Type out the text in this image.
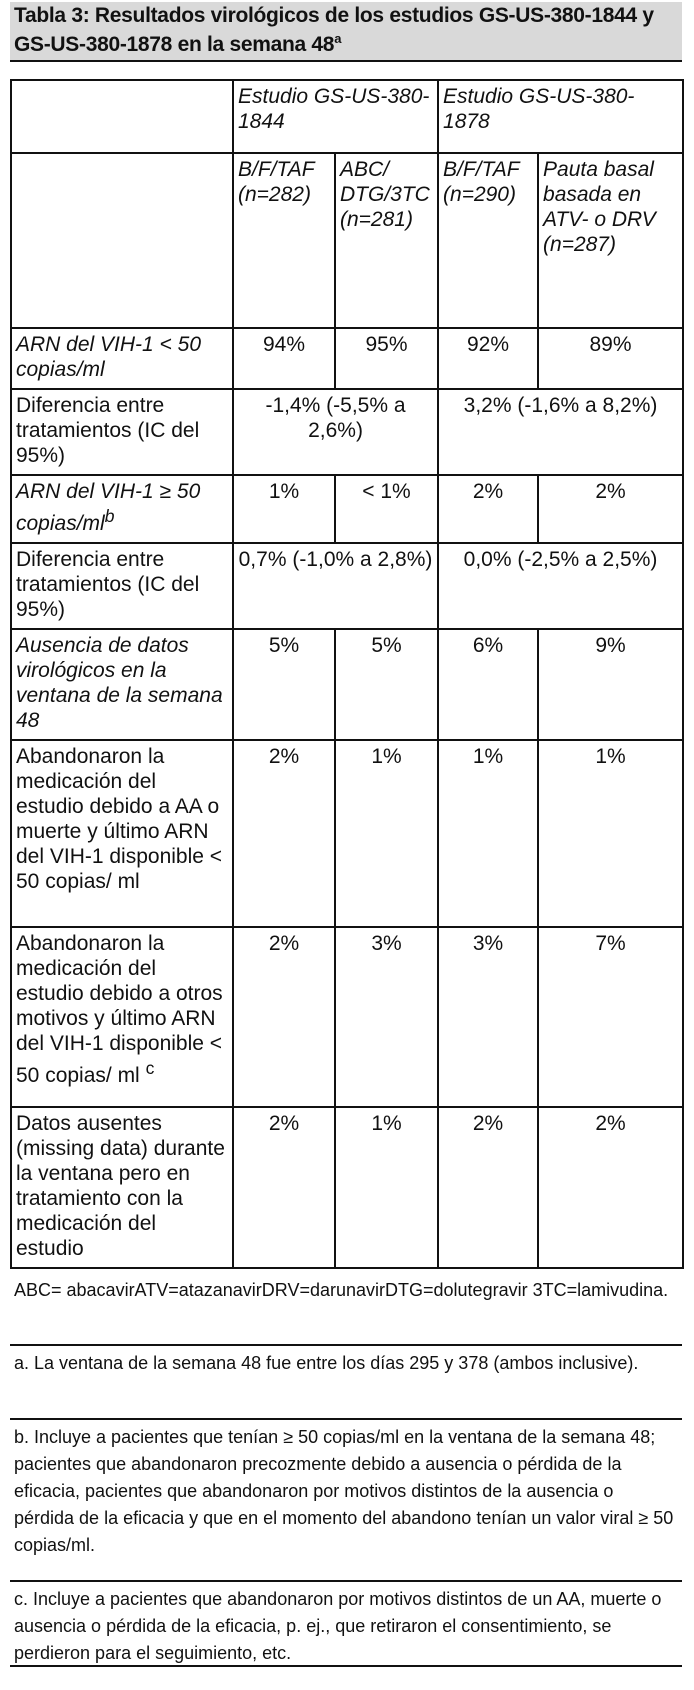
Tabla 3: Resultados virológicos de los estudios GS-US-380-1844 y GS-US-380-1878 en la semana 48$^a$
	Estudio GS-US-380-1844		Estudio GS-US-380-1878	
	B/F/TAF (n=282)	ABC/ DTG/3TC (n=281)	B/F/TAF (n=290)	Pauta basal basada en ATV- o DRV (n=287)
ARN del VIH-1 < 50 copias/ml	94%	95%	92%	89%
Diferencia entre tratamientos (IC del 95%)	-1,4% (-5,5% a 2,6%)		3,2% (-1,6% a 8,2%)	
ARN del VIH-1 ≥ 50 copias/$ml^b$	1%	< 1%	2%	2%
Diferencia entre tratamientos (IC del 95%)	0,7% (-1,0% a 2,8%)		0,0% (-2,5% a 2,5%)	
Ausencia de datos virológicos en la ventana de la semana 48	5%	5%	6%	9%
Abandonaron la medicación del estudio debido a AA o muerte y último ARN del VIH-1 disponible < 50 copias/ ml	2%	1%	1%	1%
Abandonaron la medicación del estudio debido a otros motivos y último ARN del VIH-1 disponible < 50 copias/ ml $^c$	2%	3%	3%	7%
Datos ausentes (missing data) durante la ventana pero en tratamiento con la medicación del estudio	2%	1%	2%	2%
ABC= abacavirATV=atazanavirDRV=darunavirDTG=dolutegravir 3TC=lamivudina.
a. La ventana de la semana 48 fue entre los días 295 y 378 (ambos inclusive).
b. Incluye a pacientes que tenían ≥ 50 copias/ml en la ventana de la semana 48; pacientes que abandonaron precozmente debido a ausencia o pérdida de la eficacia, pacientes que abandonaron por motivos distintos de la ausencia o pérdida de la eficacia y que en el momento del abandono tenían un valor viral ≥ 50 copias/ml.
c. Incluye a pacientes que abandonaron por motivos distintos de un AA, muerte o ausencia o pérdida de la eficacia, p. ej., que retiraron el consentimiento, se perdieron para el seguimiento, etc.
